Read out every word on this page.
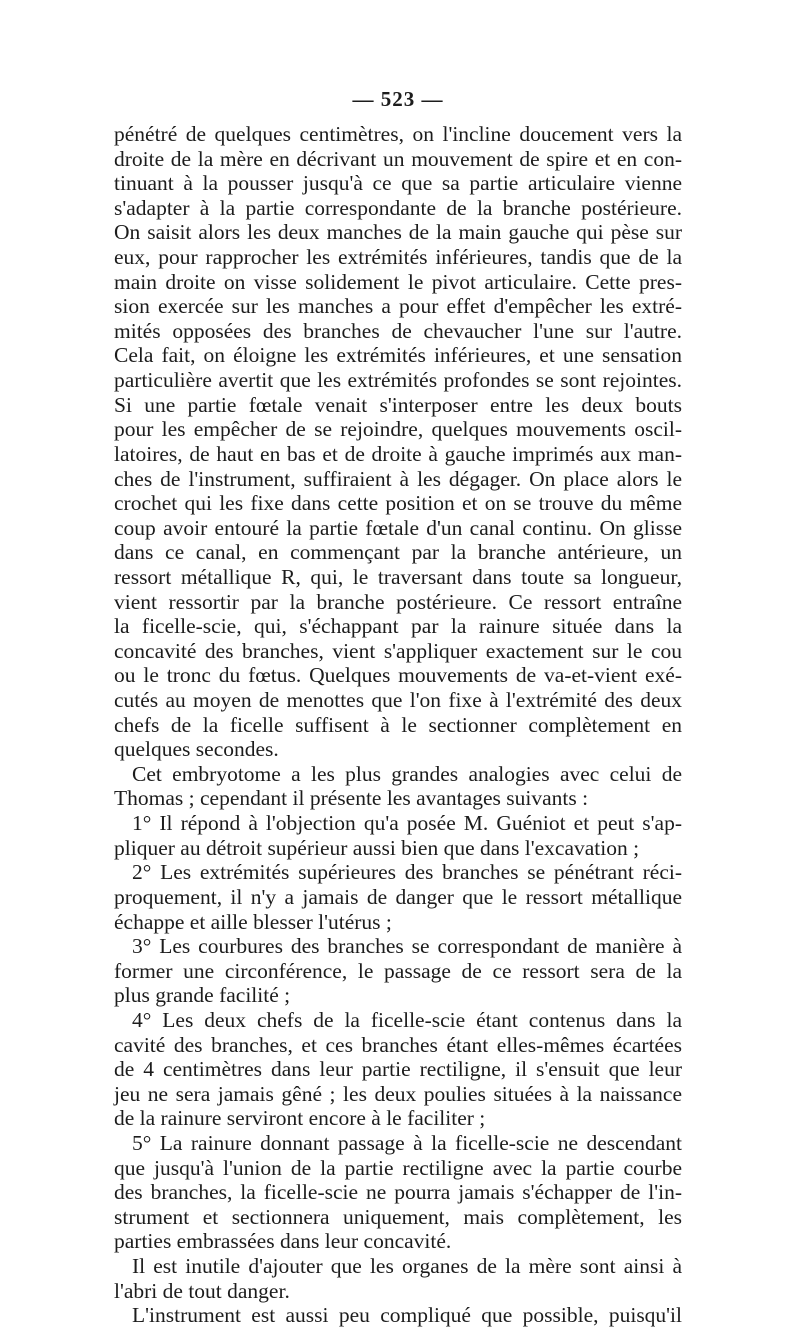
— 523 —
pénétré de quelques centimètres, on l'incline doucement vers la
droite de la mère en décrivant un mouvement de spire et en con-
tinuant à la pousser jusqu'à ce que sa partie articulaire vienne
s'adapter à la partie correspondante de la branche postérieure.
On saisit alors les deux manches de la main gauche qui pèse sur
eux, pour rapprocher les extrémités inférieures, tandis que de la
main droite on visse solidement le pivot articulaire. Cette pres-
sion exercée sur les manches a pour effet d'empêcher les extré-
mités opposées des branches de chevaucher l'une sur l'autre.
Cela fait, on éloigne les extrémités inférieures, et une sensation
particulière avertit que les extrémités profondes se sont rejointes.
Si une partie fœtale venait s'interposer entre les deux bouts
pour les empêcher de se rejoindre, quelques mouvements oscil-
latoires, de haut en bas et de droite à gauche imprimés aux man-
ches de l'instrument, suffiraient à les dégager. On place alors le
crochet qui les fixe dans cette position et on se trouve du même
coup avoir entouré la partie fœtale d'un canal continu. On glisse
dans ce canal, en commençant par la branche antérieure, un
ressort métallique R, qui, le traversant dans toute sa longueur,
vient ressortir par la branche postérieure. Ce ressort entraîne
la ficelle-scie, qui, s'échappant par la rainure située dans la
concavité des branches, vient s'appliquer exactement sur le cou
ou le tronc du fœtus. Quelques mouvements de va-et-vient exé-
cutés au moyen de menottes que l'on fixe à l'extrémité des deux
chefs de la ficelle suffisent à le sectionner complètement en
quelques secondes.
Cet embryotome a les plus grandes analogies avec celui de
Thomas ; cependant il présente les avantages suivants :
1° Il répond à l'objection qu'a posée M. Guéniot et peut s'ap-
pliquer au détroit supérieur aussi bien que dans l'excavation ;
2° Les extrémités supérieures des branches se pénétrant réci-
proquement, il n'y a jamais de danger que le ressort métallique
échappe et aille blesser l'utérus ;
3° Les courbures des branches se correspondant de manière à
former une circonférence, le passage de ce ressort sera de la
plus grande facilité ;
4° Les deux chefs de la ficelle-scie étant contenus dans la
cavité des branches, et ces branches étant elles-mêmes écartées
de 4 centimètres dans leur partie rectiligne, il s'ensuit que leur
jeu ne sera jamais gêné ; les deux poulies situées à la naissance
de la rainure serviront encore à le faciliter ;
5° La rainure donnant passage à la ficelle-scie ne descendant
que jusqu'à l'union de la partie rectiligne avec la partie courbe
des branches, la ficelle-scie ne pourra jamais s'échapper de l'in-
strument et sectionnera uniquement, mais complètement, les
parties embrassées dans leur concavité.
Il est inutile d'ajouter que les organes de la mère sont ainsi à
l'abri de tout danger.
L'instrument est aussi peu compliqué que possible, puisqu'il
